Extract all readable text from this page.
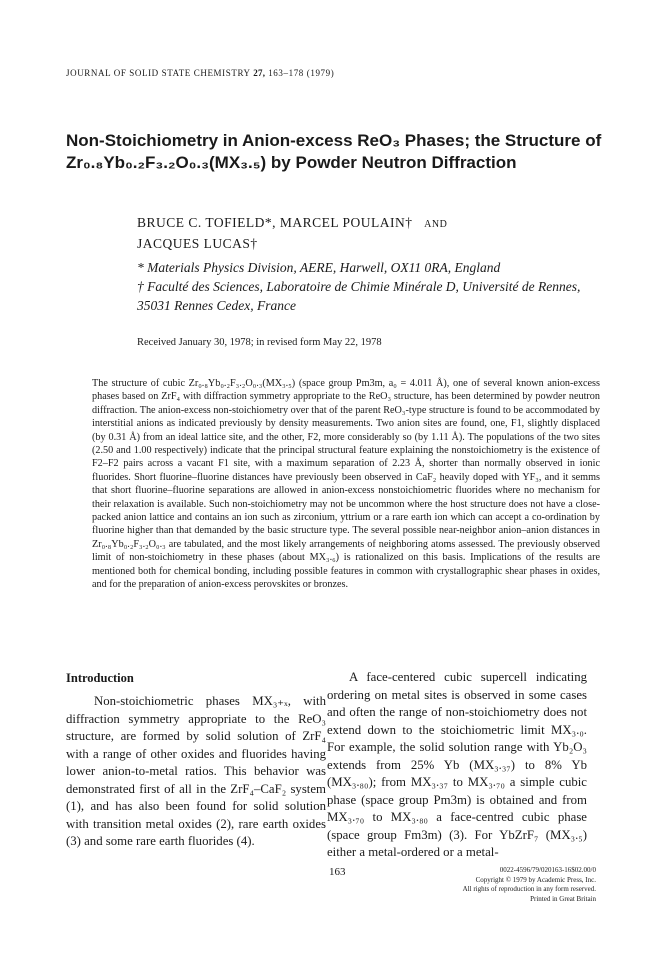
JOURNAL OF SOLID STATE CHEMISTRY 27, 163–178 (1979)
Non-Stoichiometry in Anion-excess ReO₃ Phases; the Structure of
Zr₀.₈Yb₀.₂F₃.₂O₀.₃(MX₃.₅) by Powder Neutron Diffraction
BRUCE C. TOFIELD*, MARCEL POULAIN† AND
JACQUES LUCAS†
* Materials Physics Division, AERE, Harwell, OX11 0RA, England
† Faculté des Sciences, Laboratoire de Chimie Minérale D, Université de Rennes,
35031 Rennes Cedex, France
Received January 30, 1978; in revised form May 22, 1978

The structure of cubic Zr₀.₈Yb₀.₂F₃.₂O₀.₃(MX₃.₅) (space group Pm3m, a₀ = 4.011 Å), one of several known anion-excess phases based on ZrF₄ with diffraction symmetry appropriate to the ReO₃ structure, has been determined by powder neutron diffraction. The anion-excess non-stoichiometry over that of the parent ReO₃-type structure is found to be accommodated by interstitial anions as indicated previously by density measurements. Two anion sites are found, one, F1, slightly displaced (by 0.31 Å) from an ideal lattice site, and the other, F2, more considerably so (by 1.11 Å). The populations of the two sites (2.50 and 1.00 respectively) indicate that the principal structural feature explaining the nonstoichiometry is the existence of F2–F2 pairs across a vacant F1 site, with a maximum separation of 2.23 Å, shorter than normally observed in ionic fluorides. Short fluorine–fluorine distances have previously been observed in CaF₂ heavily doped with YF₃, and it semms that short fluorine–fluorine separations are allowed in anion-excess nonstoichiometric fluorides where no mechanism for their relaxation is available. Such non-stoichiometry may not be uncommon where the host structure does not have a close-packed anion lattice and contains an ion such as zirconium, yttrium or a rare earth ion which can accept a co-ordination by fluorine higher than that demanded by the basic structure type. The several possible near-neighbor anion–anion distances in Zr₀.₈Yb₀.₂F₃.₂O₀.₃ are tabulated, and the most likely arrangements of neighboring atoms assessed. The previously observed limit of non-stoichiometry in these phases (about MX₃.₆) is rationalized on this basis. Implications of the results are mentioned both for chemical bonding, including possible features in common with crystallographic shear phases in oxides, and for the preparation of anion-excess perovskites or bronzes.

Introduction

Non-stoichiometric phases MX₃₊ₓ, with diffraction symmetry appropriate to the ReO₃ structure, are formed by solid solution of ZrF₄ with a range of other oxides and fluorides having lower anion-to-metal ratios. This behavior was demonstrated first of all in the ZrF₄–CaF₂ system (1), and has also been found for solid solution with transition metal oxides (2), rare earth oxides (3) and some rare earth fluorides (4).

A face-centered cubic supercell indicating ordering on metal sites is observed in some cases and often the range of non-stoichiometry does not extend down to the stoichiometric limit MX₃.₀. For example, the solid solution range with Yb₂O₃ extends from 25% Yb (MX₃.₃₇) to 8% Yb (MX₃.₈₀); from MX₃.₃₇ to MX₃.₇₀ a simple cubic phase (space group Pm3m) is obtained and from MX₃.₇₀ to MX₃.₈₀ a face-centred cubic phase (space group Fm3m) (3). For YbZrF₇ (MX₃.₅) either a metal-ordered or a metal-

163	0022-4596/79/020163-16$02.00/0
Copyright © 1979 by Academic Press, Inc.
All rights of reproduction in any form reserved.
Printed in Great Britain
